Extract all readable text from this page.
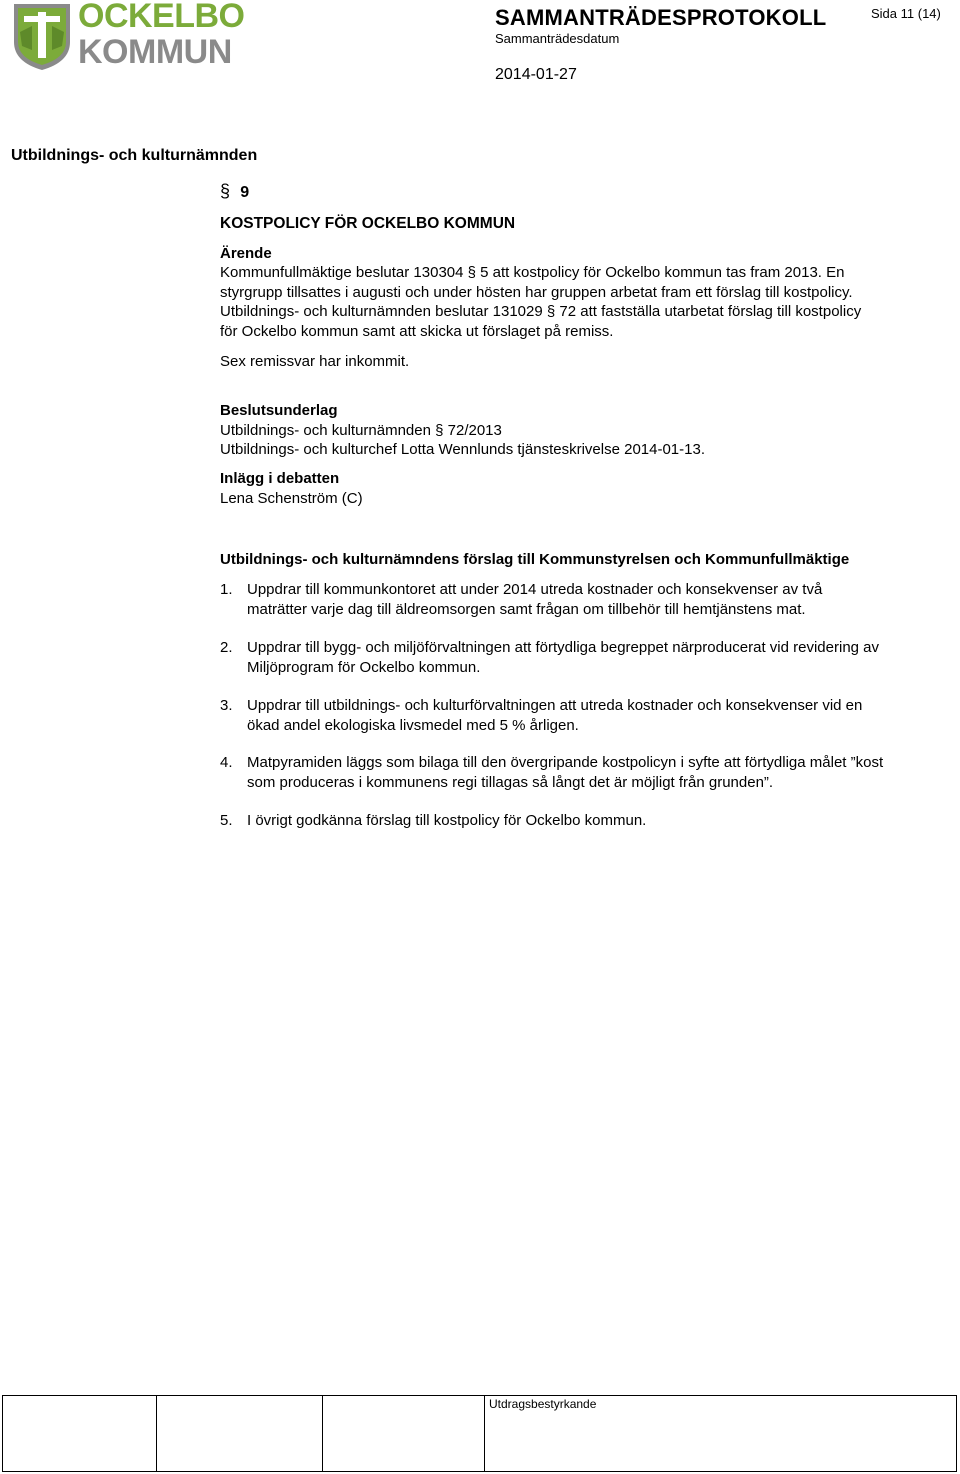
OCKELBO
KOMMUN
SAMMANTRÄDESPROTOKOLL
Sammanträdesdatum
2014-01-27
Sida 11 (14)
Utbildnings- och kulturnämnden
§ 9
KOSTPOLICY FÖR OCKELBO KOMMUN
Ärende
Kommunfullmäktige beslutar 130304 § 5 att kostpolicy för Ockelbo kommun tas fram 2013. En
styrgrupp tillsattes i augusti och under hösten har gruppen arbetat fram ett förslag till kostpolicy.
Utbildnings- och kulturnämnden beslutar 131029 § 72 att fastställa utarbetat förslag till kostpolicy
för Ockelbo kommun samt att skicka ut förslaget på remiss.
Sex remissvar har inkommit.
Beslutsunderlag
Utbildnings- och kulturnämnden § 72/2013
Utbildnings- och kulturchef Lotta Wennlunds tjänsteskrivelse 2014-01-13.
Inlägg i debatten
Lena Schenström (C)
Utbildnings- och kulturnämndens förslag till Kommunstyrelsen och Kommunfullmäktige
1. Uppdrar till kommunkontoret att under 2014 utreda kostnader och konsekvenser av två
maträtter varje dag till äldreomsorgen samt frågan om tillbehör till hemtjänstens mat.
2. Uppdrar till bygg- och miljöförvaltningen att förtydliga begreppet närproducerat vid revidering av
Miljöprogram för Ockelbo kommun.
3. Uppdrar till utbildnings- och kulturförvaltningen att utreda kostnader och konsekvenser vid en
ökad andel ekologiska livsmedel med 5 % årligen.
4. Matpyramiden läggs som bilaga till den övergripande kostpolicyn i syfte att förtydliga målet ”kost
som produceras i kommunens regi tillagas så långt det är möjligt från grunden”.
5. I övrigt godkänna förslag till kostpolicy för Ockelbo kommun.
Utdragsbestyrkande
